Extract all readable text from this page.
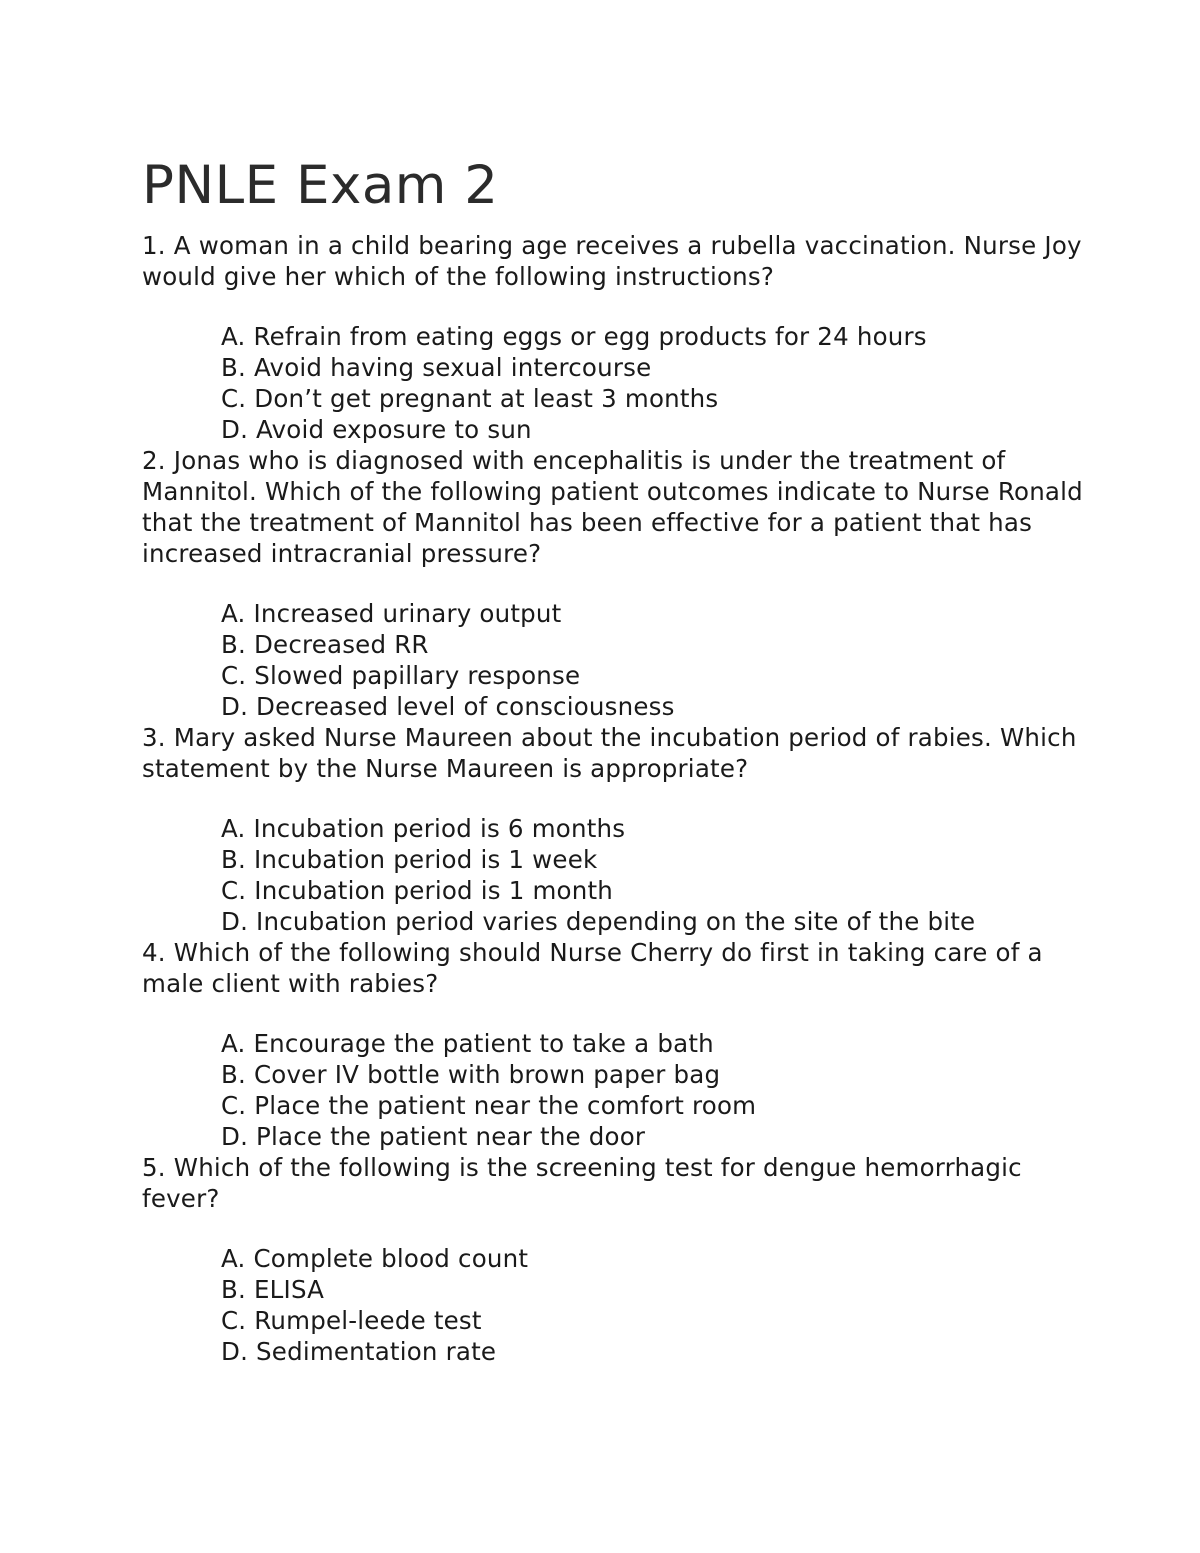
PNLE Exam 2

1. A woman in a child bearing age receives a rubella vaccination. Nurse Joy would give her which of the following instructions?

A. Refrain from eating eggs or egg products for 24 hours
B. Avoid having sexual intercourse
C. Don’t get pregnant at least 3 months
D. Avoid exposure to sun

2. Jonas who is diagnosed with encephalitis is under the treatment of Mannitol. Which of the following patient outcomes indicate to Nurse Ronald that the treatment of Mannitol has been effective for a patient that has increased intracranial pressure?

A. Increased urinary output
B. Decreased RR
C. Slowed papillary response
D. Decreased level of consciousness

3. Mary asked Nurse Maureen about the incubation period of rabies. Which statement by the Nurse Maureen is appropriate?

A. Incubation period is 6 months
B. Incubation period is 1 week
C. Incubation period is 1 month
D. Incubation period varies depending on the site of the bite

4. Which of the following should Nurse Cherry do first in taking care of a male client with rabies?

A. Encourage the patient to take a bath
B. Cover IV bottle with brown paper bag
C. Place the patient near the comfort room
D. Place the patient near the door

5. Which of the following is the screening test for dengue hemorrhagic fever?

A. Complete blood count
B. ELISA
C. Rumpel-leede test
D. Sedimentation rate
